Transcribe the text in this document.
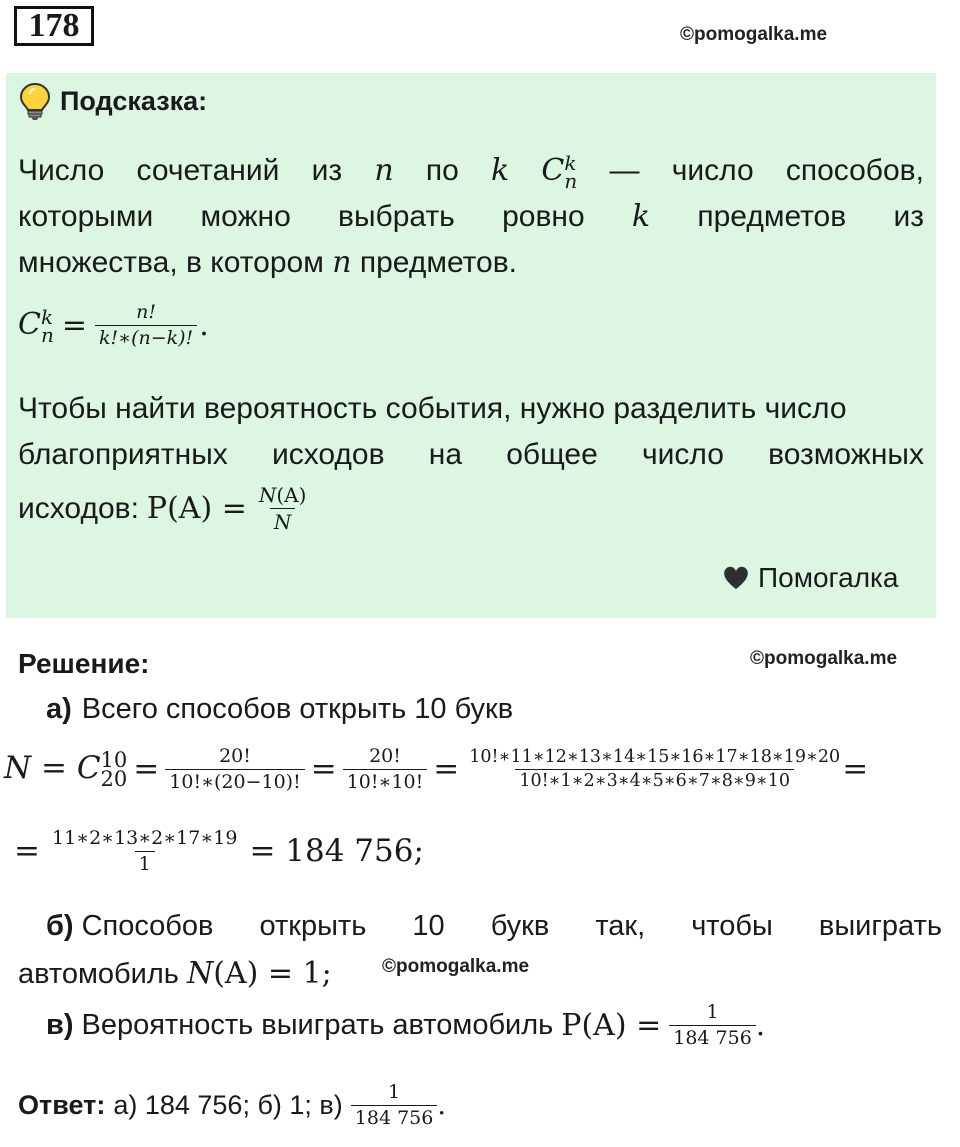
178	©pomogalka.me
Подсказка:
Число сочетаний из n по k C k
n — число способов,
которыми можно выбрать ровно k предметов из
множества, в котором n предметов.
C k
$n = \frac{n!}{k!∗(n-k)!}$ .
Чтобы найти вероятность события, нужно разделить число
благоприятных исходов на общее число возможных
исходов: $P(A) = \frac{N(A)}{N}$
Помогалка
Решение:	©pomogalka.me
а) Всего способов открыть 10 букв
N = C 10
$20 = \frac{20!}{10!∗(20-10)!} = \frac{20!}{10!∗10!} = \frac{10!∗11∗12∗13∗14∗15∗16∗17∗18∗19∗20}{10!∗1∗2∗3∗4∗5∗6∗7∗8∗9∗10}$
=
= $\frac{11∗2∗13∗2∗17∗19}{1} = 184$ 756;
б) Способов открыть 10 букв так, чтобы выиграть
автомобиль N(A) = 1;	©pomogalka.me
в) Вероятность выиграть автомобиль $P(A) = \frac{1}{184 756}$ .
Ответ: а) 184 756; б) 1; $в) \frac{1}{184 756}$ .
